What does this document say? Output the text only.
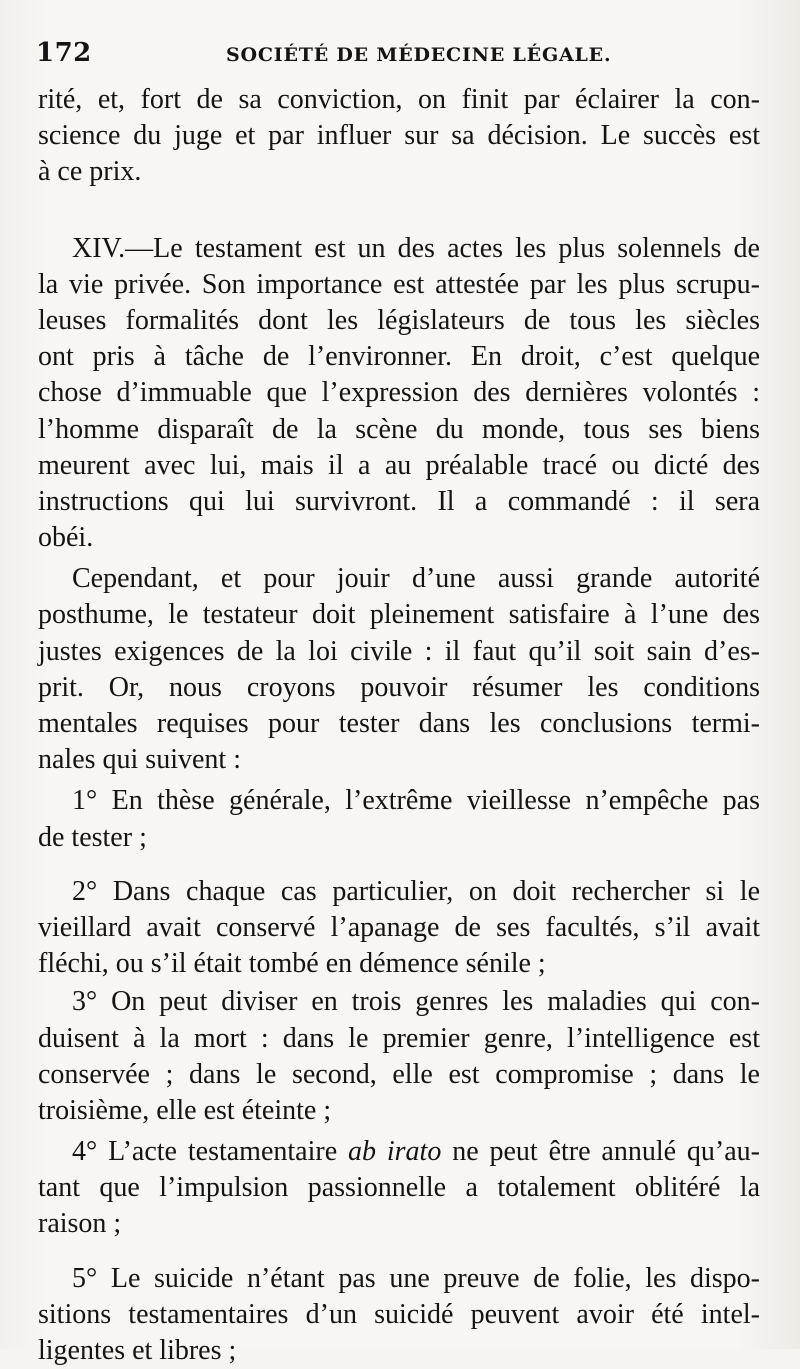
172	SOCIÉTÉ DE MÉDECINE LÉGALE.
rité, et, fort de sa conviction, on finit par éclairer la con-
science du juge et par influer sur sa décision. Le succès est
à ce prix.
XIV.—Le testament est un des actes les plus solennels de
la vie privée. Son importance est attestée par les plus scrupu-
leuses formalités dont les législateurs de tous les siècles
ont pris à tâche de l’environner. En droit, c’est quelque
chose d’immuable que l’expression des dernières volontés :
l’homme disparaît de la scène du monde, tous ses biens
meurent avec lui, mais il a au préalable tracé ou dicté des
instructions qui lui survivront. Il a commandé : il sera
obéi.
Cependant, et pour jouir d’une aussi grande autorité
posthume, le testateur doit pleinement satisfaire à l’une des
justes exigences de la loi civile : il faut qu’il soit sain d’es-
prit. Or, nous croyons pouvoir résumer les conditions
mentales requises pour tester dans les conclusions termi-
nales qui suivent :
1° En thèse générale, l’extrême vieillesse n’empêche pas
de tester ;
2° Dans chaque cas particulier, on doit rechercher si le
vieillard avait conservé l’apanage de ses facultés, s’il avait
fléchi, ou s’il était tombé en démence sénile ;
3° On peut diviser en trois genres les maladies qui con-
duisent à la mort : dans le premier genre, l’intelligence est
conservée ; dans le second, elle est compromise ; dans le
troisième, elle est éteinte ;
4° L’acte testamentaire ab irato ne peut être annulé qu’au-
tant que l’impulsion passionnelle a totalement oblitéré la
raison ;
5° Le suicide n’étant pas une preuve de folie, les dispo-
sitions testamentaires d’un suicidé peuvent avoir été intel-
ligentes et libres ;
